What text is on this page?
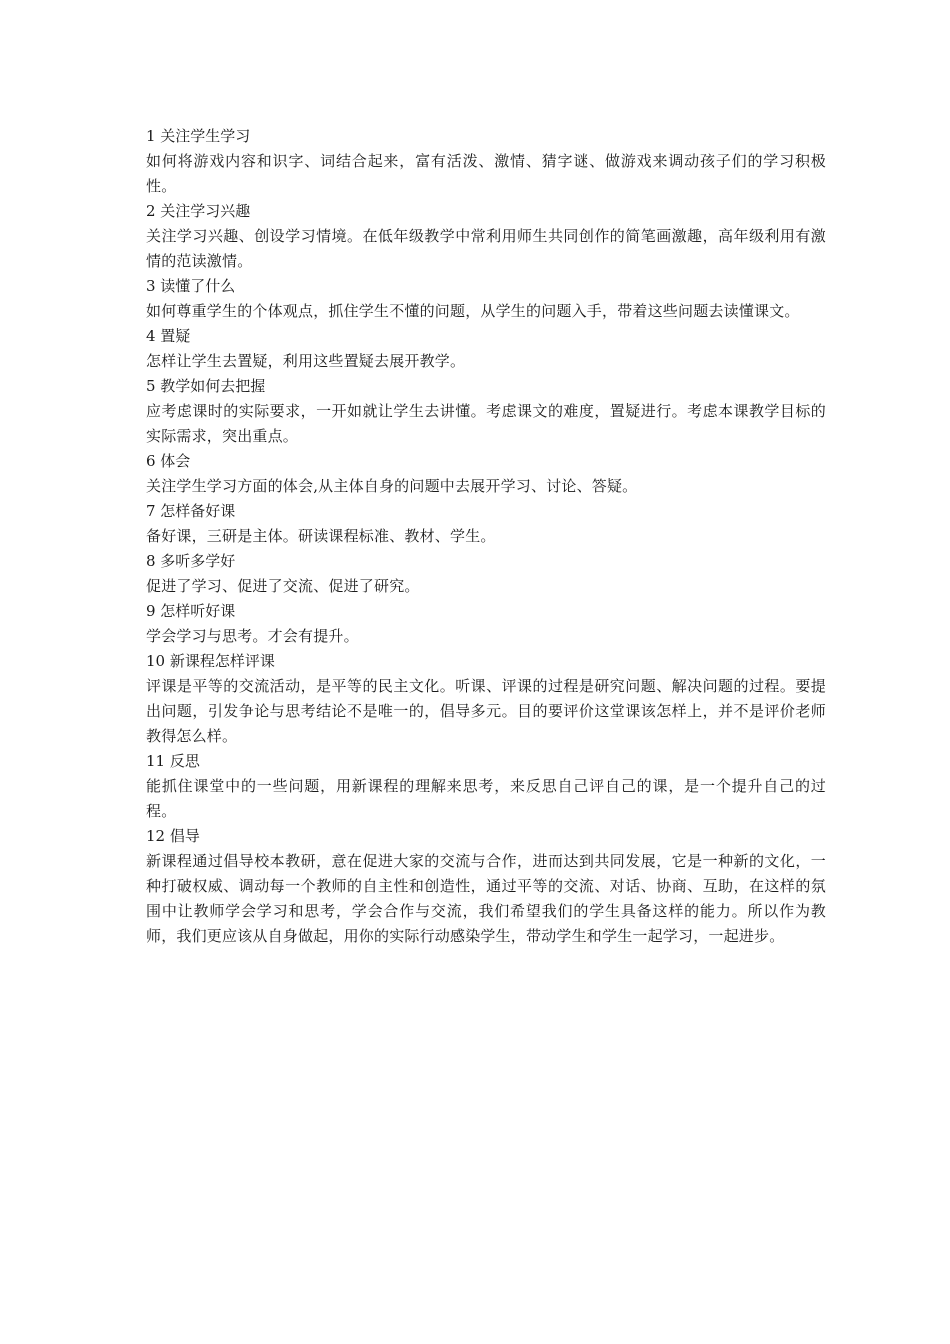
1 关注学生学习
如何将游戏内容和识字、词结合起来，富有活泼、激情、猜字谜、做游戏来调动孩子们的学习积极性。
2 关注学习兴趣
关注学习兴趣、创设学习情境。在低年级教学中常利用师生共同创作的简笔画激趣，高年级利用有激情的范读激情。
3 读懂了什么
如何尊重学生的个体观点，抓住学生不懂的问题，从学生的问题入手，带着这些问题去读懂课文。
4 置疑
怎样让学生去置疑，利用这些置疑去展开教学。
5 教学如何去把握
应考虑课时的实际要求，一开如就让学生去讲懂。考虑课文的难度，置疑进行。考虑本课教学目标的实际需求，突出重点。
6 体会
关注学生学习方面的体会,从主体自身的问题中去展开学习、讨论、答疑。
7 怎样备好课
备好课，三研是主体。研读课程标准、教材、学生。
8 多听多学好
促进了学习、促进了交流、促进了研究。
9 怎样听好课
学会学习与思考。才会有提升。
10 新课程怎样评课
评课是平等的交流活动，是平等的民主文化。听课、评课的过程是研究问题、解决问题的过程。要提出问题，引发争论与思考结论不是唯一的，倡导多元。目的要评价这堂课该怎样上，并不是评价老师教得怎么样。
11 反思
能抓住课堂中的一些问题，用新课程的理解来思考，来反思自己评自己的课，是一个提升自己的过程。
12 倡导
新课程通过倡导校本教研，意在促进大家的交流与合作，进而达到共同发展，它是一种新的文化，一种打破权威、调动每一个教师的自主性和创造性，通过平等的交流、对话、协商、互助，在这样的氛围中让教师学会学习和思考，学会合作与交流，我们希望我们的学生具备这样的能力。所以作为教师，我们更应该从自身做起，用你的实际行动感染学生，带动学生和学生一起学习，一起进步。
